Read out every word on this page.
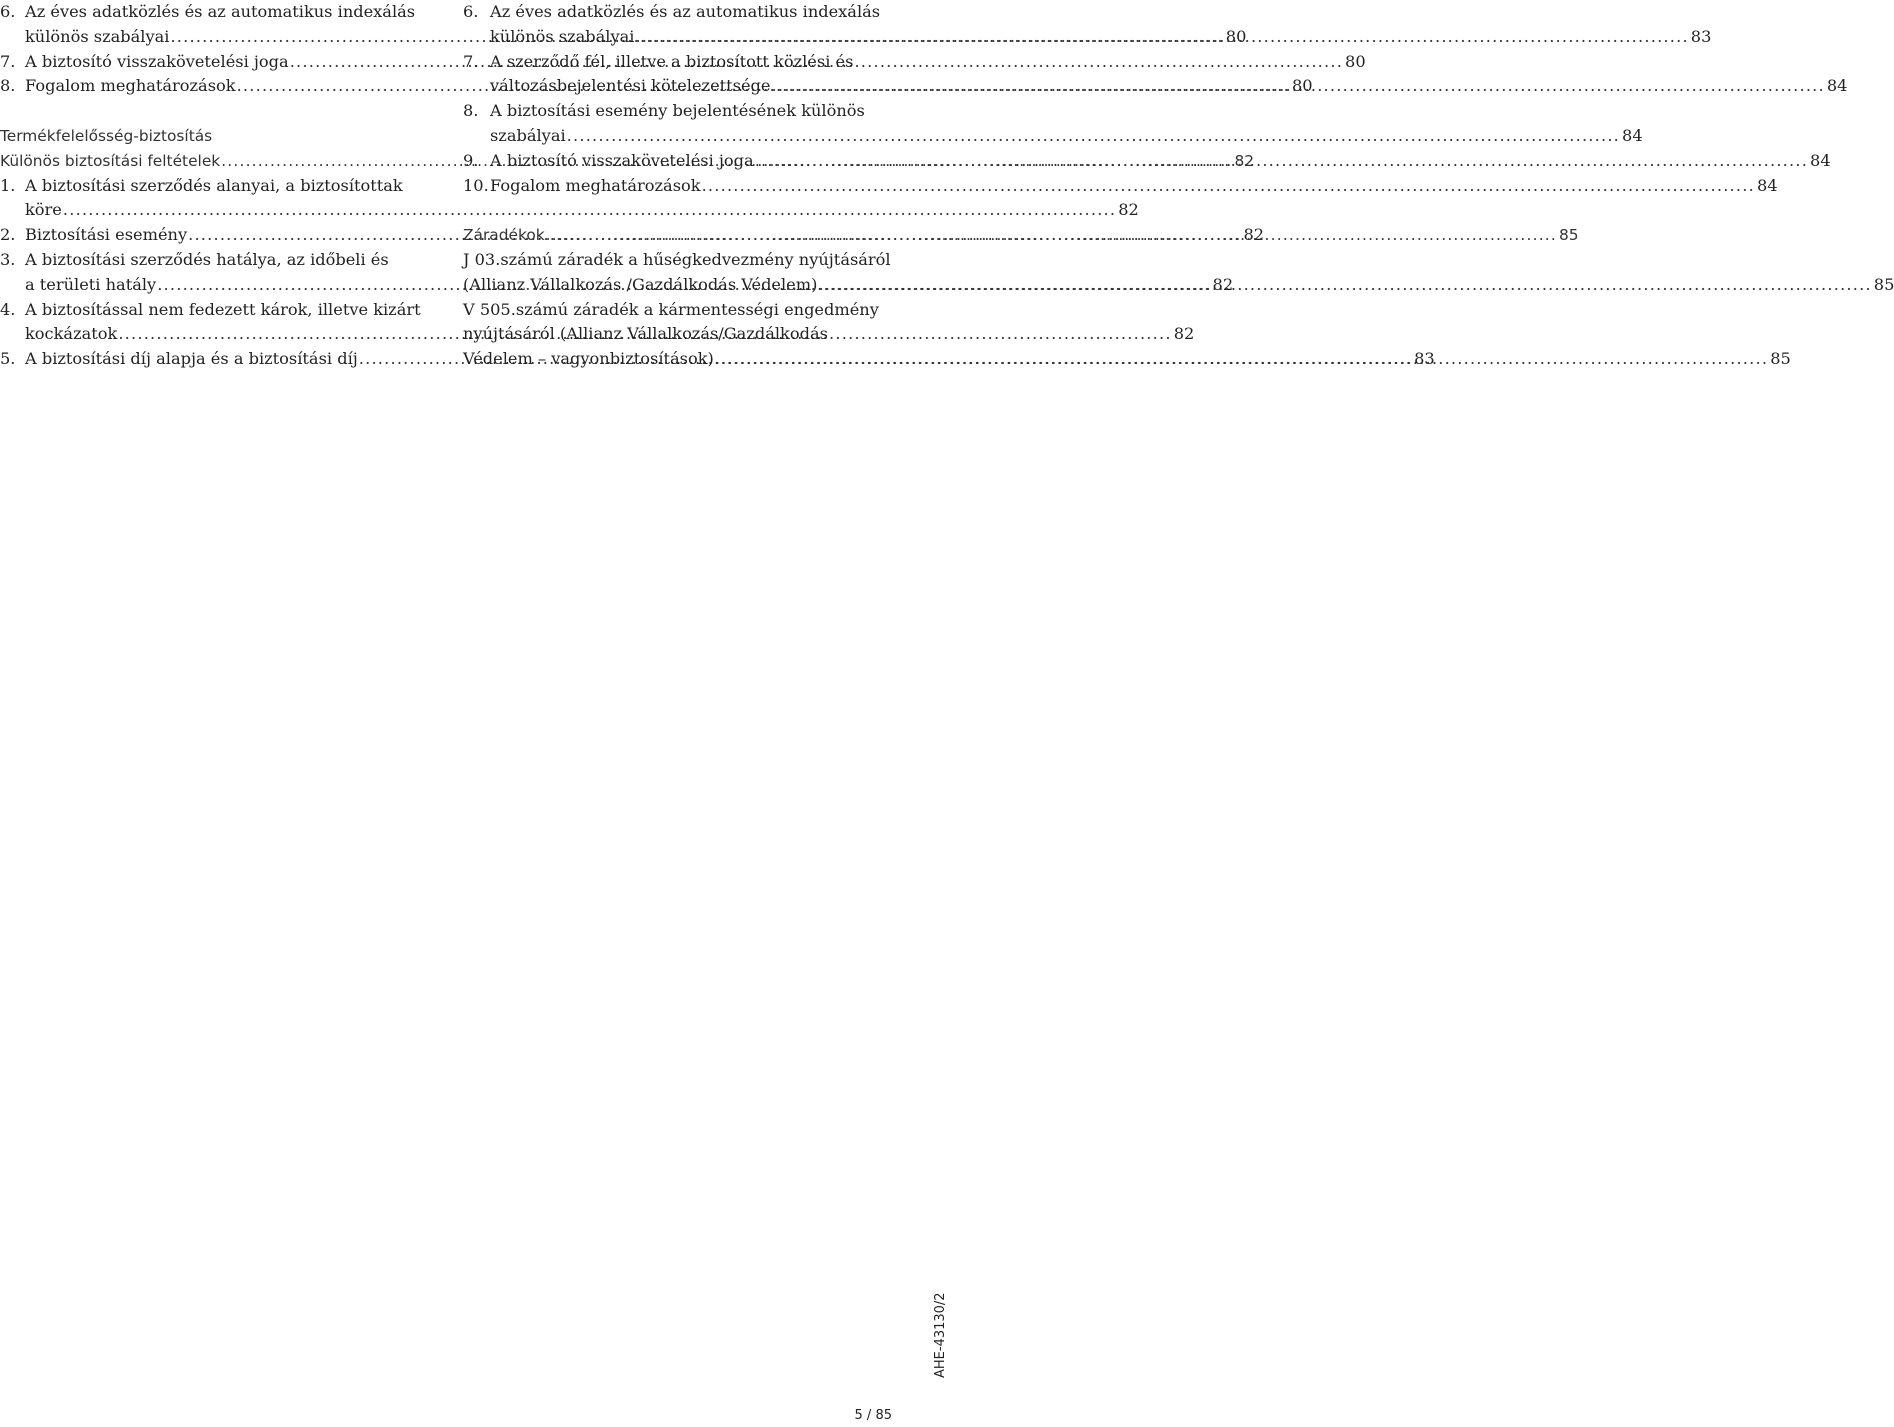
6. Az éves adatközlés és az automatikus indexálás
különös szabályai .....	80
7. A biztosító visszakövetelési joga .....	80
8. Fogalom meghatározások .....	80
Termékfelelősség-biztosítás
Különös biztosítási feltételek .....	82
1. A biztosítási szerződés alanyai, a biztosítottak
köre .....	82
2. Biztosítási esemény .....	82
3. A biztosítási szerződés hatálya, az időbeli és
a területi hatály .....	82
4. A biztosítással nem fedezett károk, illetve kizárt
kockázatok .....	82
5. A biztosítási díj alapja és a biztosítási díj .....	83
6. Az éves adatközlés és az automatikus indexálás
különös szabályai .....	83
7. A szerződő fél, illetve a biztosított közlési és
változásbejelentési kötelezettsége .....	84
8. A biztosítási esemény bejelentésének különös
szabályai .....	84
9. A biztosító visszakövetelési joga .....	84
10. Fogalom meghatározások .....	84
Záradékok .....	85
J 03.számú záradék a hűségkedvezmény nyújtásáról
(Allianz Vállalkozás /Gazdálkodás Védelem) .....	85
V 505.számú záradék a kármentességi engedmény
nyújtásáról (Allianz Vállalkozás/Gazdálkodás
Védelem – vagyonbiztosítások) .....	85
AHE-43130/2
5 / 85
